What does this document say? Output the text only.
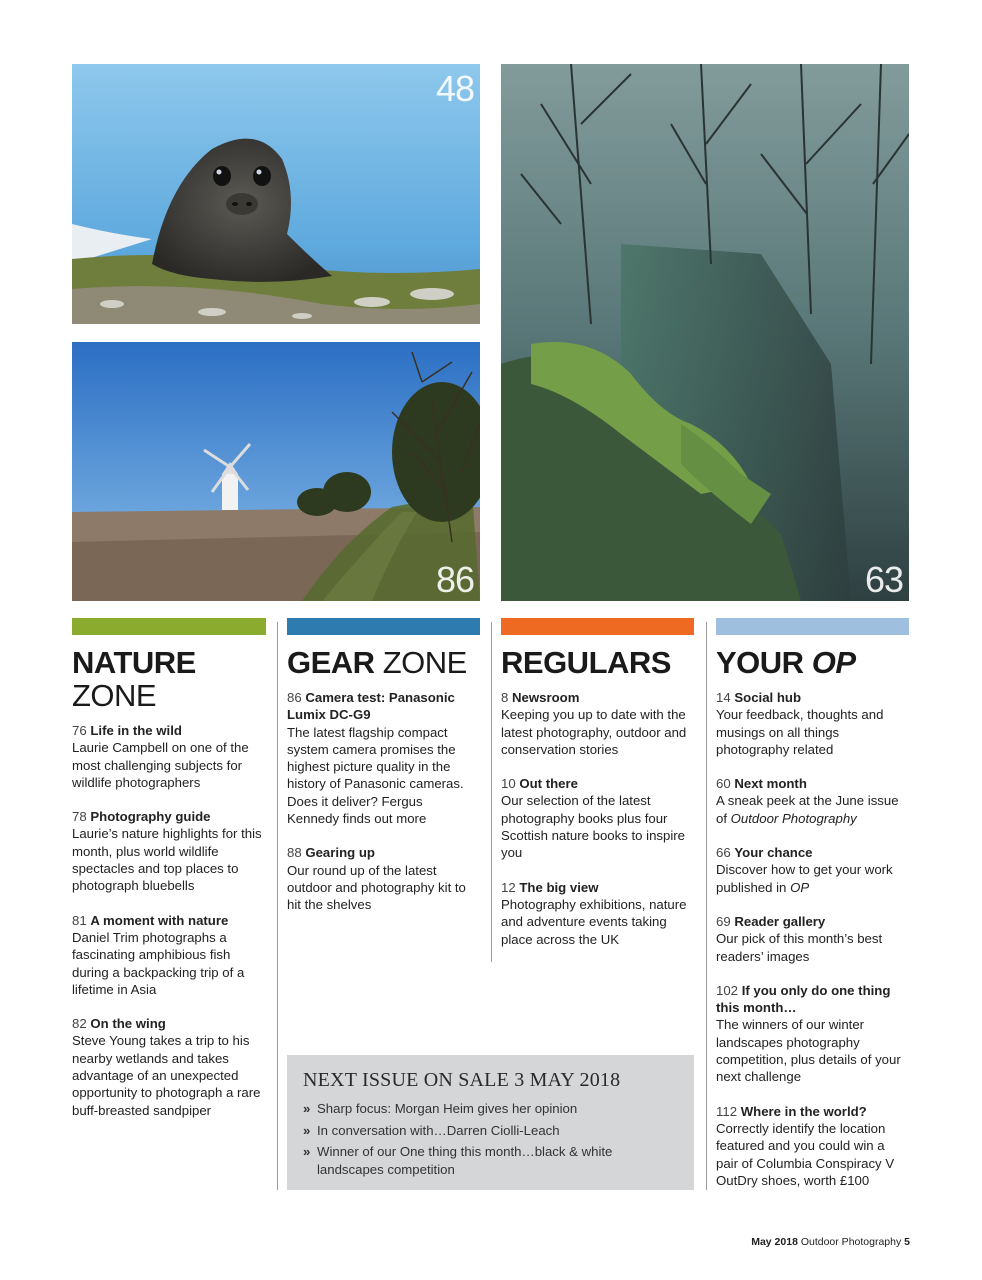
48
86	63
NATURE
ZONE
76 Life in the wild
Laurie Campbell on one of the most challenging subjects for wildlife photographers
78 Photography guide
Laurie’s nature highlights for this month, plus world wildlife spectacles and top places to photograph bluebells
81 A moment with nature
Daniel Trim photographs a fascinating amphibious fish during a backpacking trip of a lifetime in Asia
82 On the wing
Steve Young takes a trip to his nearby wetlands and takes advantage of an unexpected opportunity to photograph a rare buff-breasted sandpiper
GEAR ZONE
86 Camera test: Panasonic Lumix DC-G9
The latest flagship compact system camera promises the highest picture quality in the history of Panasonic cameras. Does it deliver? Fergus Kennedy finds out more
88 Gearing up
Our round up of the latest outdoor and photography kit to hit the shelves
REGULARS
8 Newsroom
Keeping you up to date with the latest photography, outdoor and conservation stories
10 Out there
Our selection of the latest photography books plus four Scottish nature books to inspire you
12 The big view
Photography exhibitions, nature and adventure events taking place across the UK
YOUR OP
14 Social hub
Your feedback, thoughts and musings on all things photography related
60 Next month
A sneak peek at the June issue of Outdoor Photography
66 Your chance
Discover how to get your work published in OP
69 Reader gallery
Our pick of this month’s best readers’ images
102 If you only do one thing this month…
The winners of our winter landscapes photography competition, plus details of your next challenge
112 Where in the world?
Correctly identify the location featured and you could win a pair of Columbia Conspiracy V OutDry shoes, worth £100
NEXT ISSUE ON SALE 3 MAY 2018
» Sharp focus: Morgan Heim gives her opinion
» In conversation with…Darren Ciolli-Leach
» Winner of our One thing this month…black & white landscapes competition
May 2018 Outdoor Photography 5
